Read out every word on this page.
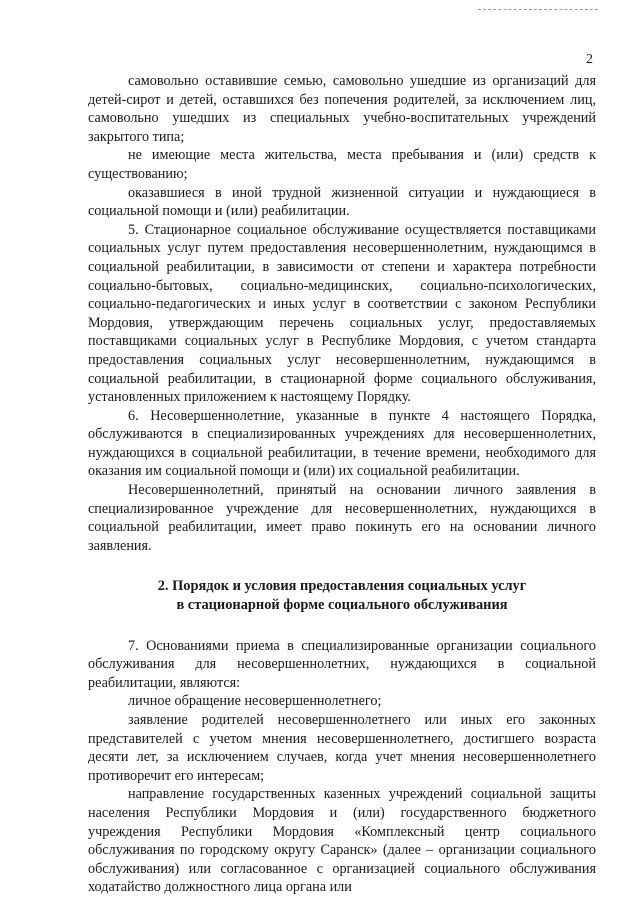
2

самовольно оставившие семью, самовольно ушедшие из организаций для детей-сирот и детей, оставшихся без попечения родителей, за исключением лиц, самовольно ушедших из специальных учебно-воспитательных учреждений закрытого типа;

не имеющие места жительства, места пребывания и (или) средств к существованию;

оказавшиеся в иной трудной жизненной ситуации и нуждающиеся в социальной помощи и (или) реабилитации.

5. Стационарное социальное обслуживание осуществляется поставщиками социальных услуг путем предоставления несовершеннолетним, нуждающимся в социальной реабилитации, в зависимости от степени и характера потребности социально-бытовых, социально-медицинских, социально-психологических, социально-педагогических и иных услуг в соответствии с законом Республики Мордовия, утверждающим перечень социальных услуг, предоставляемых поставщиками социальных услуг в Республике Мордовия, с учетом стандарта предоставления социальных услуг несовершеннолетним, нуждающимся в социальной реабилитации, в стационарной форме социального обслуживания, установленных приложением к настоящему Порядку.

6. Несовершеннолетние, указанные в пункте 4 настоящего Порядка, обслуживаются в специализированных учреждениях для несовершеннолетних, нуждающихся в социальной реабилитации, в течение времени, необходимого для оказания им социальной помощи и (или) их социальной реабилитации.

Несовершеннолетний, принятый на основании личного заявления в специализированное учреждение для несовершеннолетних, нуждающихся в социальной реабилитации, имеет право покинуть его на основании личного заявления.

2. Порядок и условия предоставления социальных услуг
в стационарной форме социального обслуживания

7. Основаниями приема в специализированные организации социального обслуживания для несовершеннолетних, нуждающихся в социальной реабилитации, являются:

личное обращение несовершеннолетнего;

заявление родителей несовершеннолетнего или иных его законных представителей с учетом мнения несовершеннолетнего, достигшего возраста десяти лет, за исключением случаев, когда учет мнения несовершеннолетнего противоречит его интересам;

направление государственных казенных учреждений социальной защиты населения Республики Мордовия и (или) государственного бюджетного учреждения Республики Мордовия «Комплексный центр социального обслуживания по городскому округу Саранск» (далее – организации социального обслуживания) или согласованное с организацией социального обслуживания ходатайство должностного лица органа или
